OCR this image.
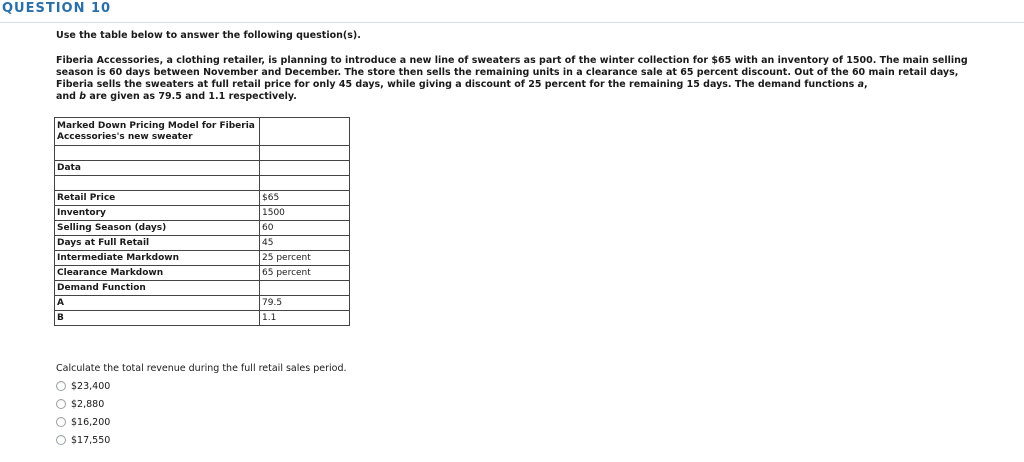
QUESTION 10
Use the table below to answer the following question(s).
Fiberia Accessories, a clothing retailer, is planning to introduce a new line of sweaters as part of the winter collection for $65 with an inventory of 1500. The main selling season is 60 days between November and December. The store then sells the remaining units in a clearance sale at 65 percent discount. Out of the 60 main retail days, Fiberia sells the sweaters at full retail price for only 45 days, while giving a discount of 25 percent for the remaining 15 days. The demand functions a,
and b are given as 79.5 and 1.1 respectively.
Marked Down Pricing Model for Fiberia Accessories's new sweater	

Data	

Retail Price	$65
Inventory	1500
Selling Season (days)	60
Days at Full Retail	45
Intermediate Markdown	25 percent
Clearance Markdown	65 percent
Demand Function	
A	79.5
B	1.1
Calculate the total revenue during the full retail sales period.
$23,400
$2,880
$16,200
$17,550
